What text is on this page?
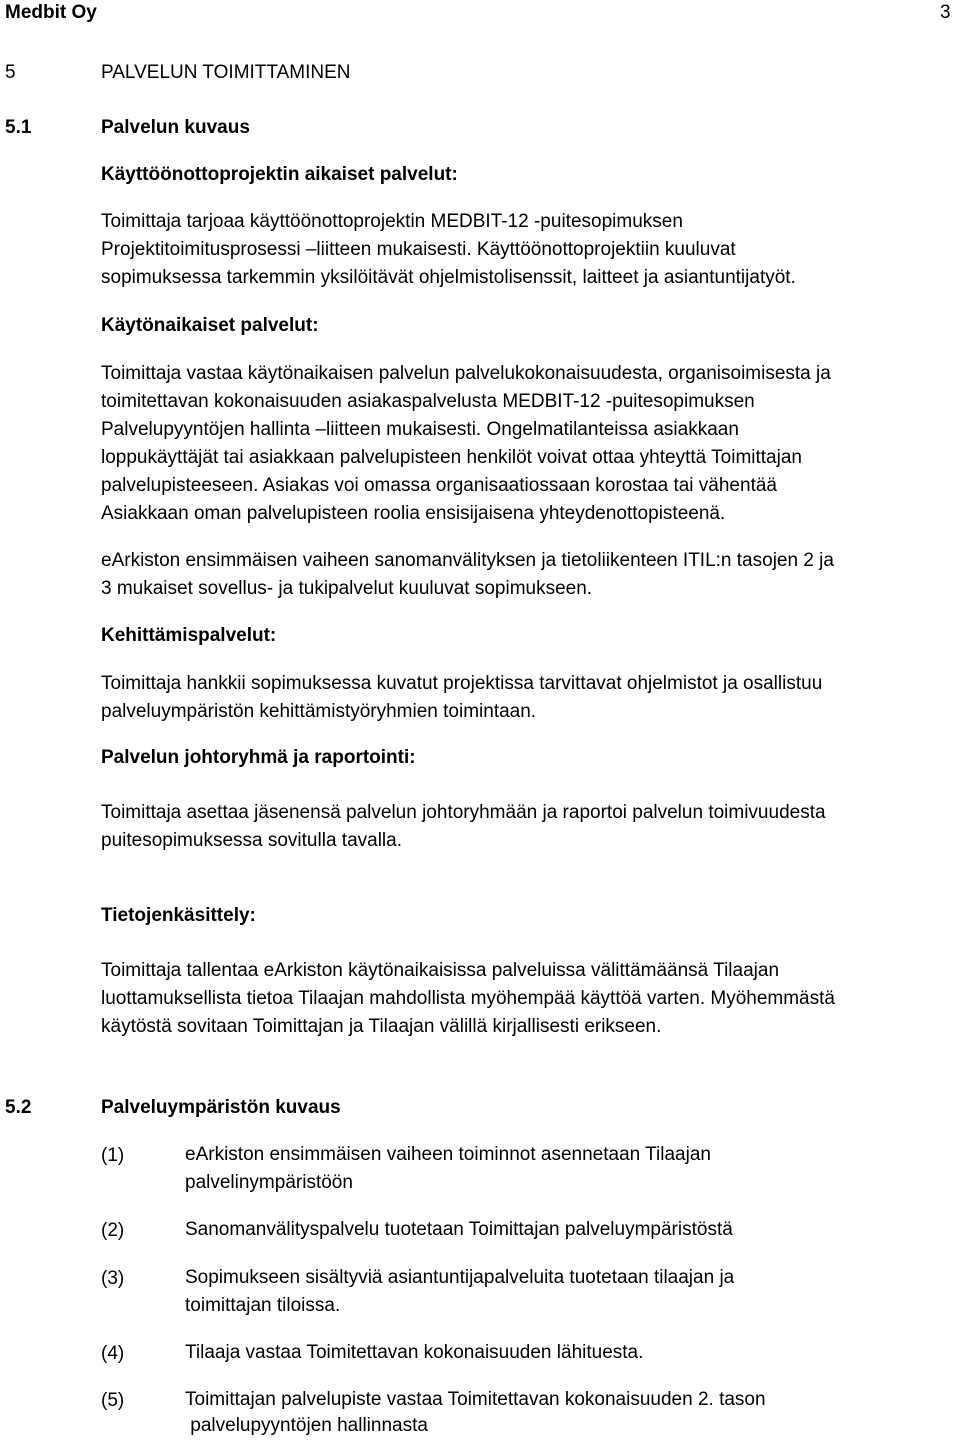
Medbit Oy	3
5	PALVELUN TOIMITTAMINEN
5.1	Palvelun kuvaus
Käyttöönottoprojektin aikaiset palvelut:
Toimittaja tarjoaa käyttöönottoprojektin MEDBIT-12 -puitesopimuksen
Projektitoimitusprosessi –liitteen mukaisesti. Käyttöönottoprojektiin kuuluvat
sopimuksessa tarkemmin yksilöitävät ohjelmistolisenssit, laitteet ja asiantuntijatyöt.
Käytönaikaiset palvelut:
Toimittaja vastaa käytönaikaisen palvelun palvelukokonaisuudesta, organisoimisesta ja
toimitettavan kokonaisuuden asiakaspalvelusta MEDBIT-12 -puitesopimuksen
Palvelupyyntöjen hallinta –liitteen mukaisesti. Ongelmatilanteissa asiakkaan
loppukäyttäjät tai asiakkaan palvelupisteen henkilöt voivat ottaa yhteyttä Toimittajan
palvelupisteeseen. Asiakas voi omassa organisaatiossaan korostaa tai vähentää
Asiakkaan oman palvelupisteen roolia ensisijaisena yhteydenottopisteenä.
eArkiston ensimmäisen vaiheen sanomanvälityksen ja tietoliikenteen ITIL:n tasojen 2 ja
3 mukaiset sovellus- ja tukipalvelut kuuluvat sopimukseen.
Kehittämispalvelut:
Toimittaja hankkii sopimuksessa kuvatut projektissa tarvittavat ohjelmistot ja osallistuu
palveluympäristön kehittämistyöryhmien toimintaan.
Palvelun johtoryhmä ja raportointi:
Toimittaja asettaa jäsenensä palvelun johtoryhmään ja raportoi palvelun toimivuudesta
puitesopimuksessa sovitulla tavalla.
Tietojenkäsittely:
Toimittaja tallentaa eArkiston käytönaikaisissa palveluissa välittämäänsä Tilaajan
luottamuksellista tietoa Tilaajan mahdollista myöhempää käyttöä varten. Myöhemmästä
käytöstä sovitaan Toimittajan ja Tilaajan välillä kirjallisesti erikseen.
5.2	Palveluympäristön kuvaus
(1)	eArkiston ensimmäisen vaiheen toiminnot asennetaan Tilaajan
palvelinympäristöön
(2)	Sanomanvälityspalvelu tuotetaan Toimittajan palveluympäristöstä
(3)	Sopimukseen sisältyviä asiantuntijapalveluita tuotetaan tilaajan ja
toimittajan tiloissa.
(4)	Tilaaja vastaa Toimitettavan kokonaisuuden lähituesta.
(5)	Toimittajan palvelupiste vastaa Toimitettavan kokonaisuuden 2. tason
palvelupyyntöjen hallinnasta
